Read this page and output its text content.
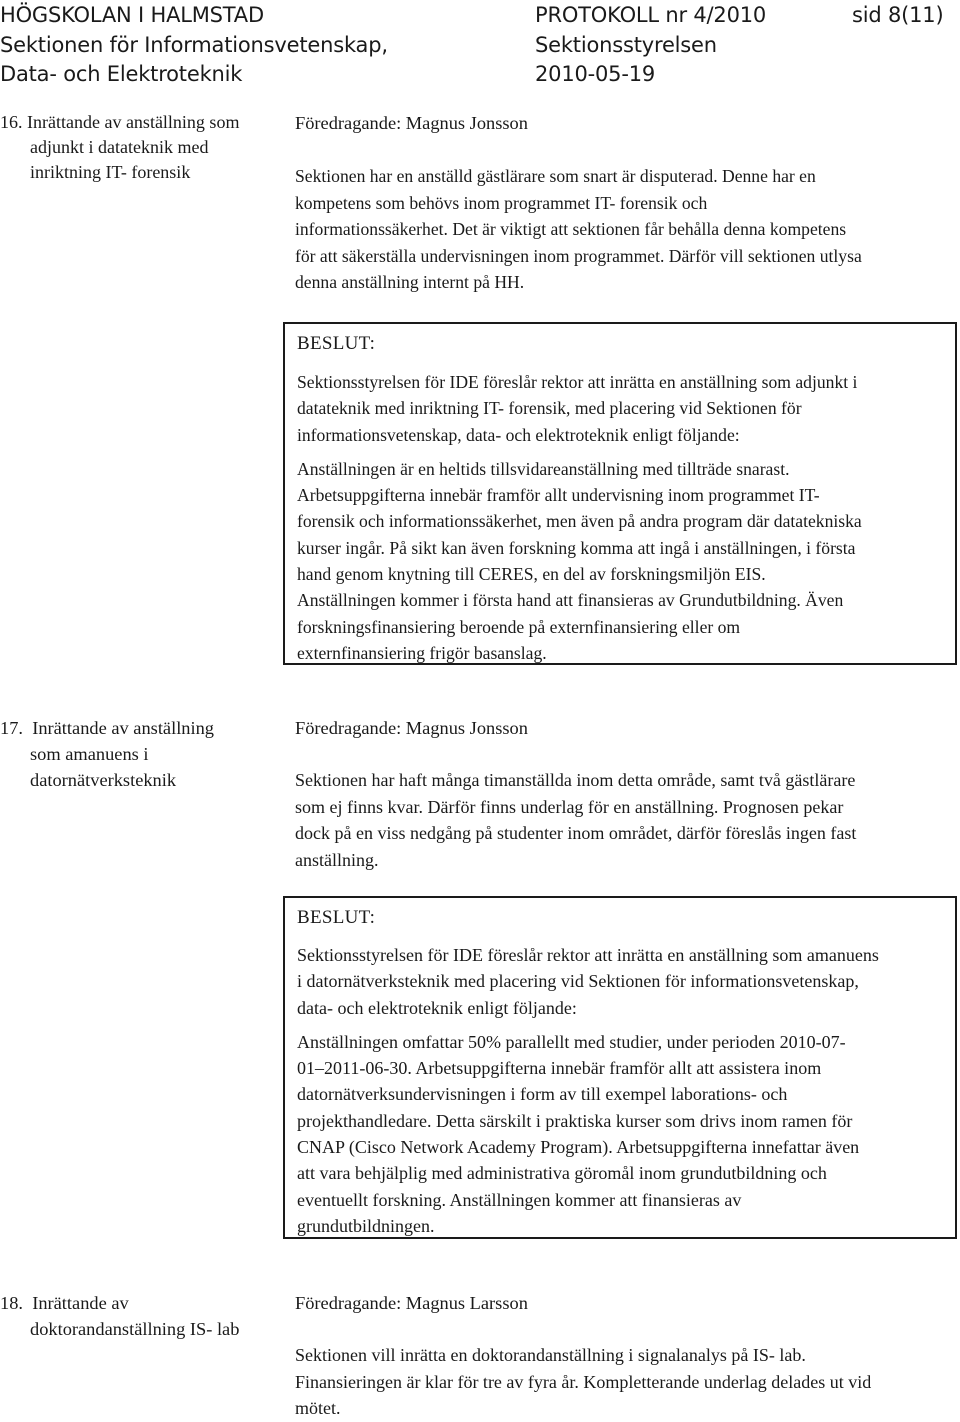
HÖGSKOLAN I HALMSTAD
Sektionen för Informationsvetenskap,
Data- och Elektroteknik
PROTOKOLL nr 4/2010
Sektionsstyrelsen
2010-05-19
sid 8(11)
16. Inrättande av anställning som
adjunkt i datateknik med
inriktning IT- forensik
Föredragande: Magnus Jonsson

Sektionen har en anställd gästlärare som snart är disputerad. Denne har en

kompetens som behövs inom programmet IT- forensik och

informationssäkerhet. Det är viktigt att sektionen får behålla denna kompetens

för att säkerställa undervisningen inom programmet. Därför vill sektionen utlysa

denna anställning internt på HH.

BESLUT:

Sektionsstyrelsen för IDE föreslår rektor att inrätta en anställning som adjunkt i

datateknik med inriktning IT- forensik, med placering vid Sektionen för

informationsvetenskap, data- och elektroteknik enligt följande:

Anställningen är en heltids tillsvidareanställning med tillträde snarast.

Arbetsuppgifterna innebär framför allt undervisning inom programmet IT-

forensik och informationssäkerhet, men även på andra program där datatekniska

kurser ingår. På sikt kan även forskning komma att ingå i anställningen, i första

hand genom knytning till CERES, en del av forskningsmiljön EIS.

Anställningen kommer i första hand att finansieras av Grundutbildning. Även

forskningsfinansiering beroende på externfinansiering eller om

externfinansiering frigör basanslag.

17. Inrättande av anställning
som amanuens i
datornätverksteknik
Föredragande: Magnus Jonsson

Sektionen har haft många timanställda inom detta område, samt två gästlärare

som ej finns kvar. Därför finns underlag för en anställning. Prognosen pekar

dock på en viss nedgång på studenter inom området, därför föreslås ingen fast

anställning.

BESLUT:

Sektionsstyrelsen för IDE föreslår rektor att inrätta en anställning som amanuens

i datornätverksteknik med placering vid Sektionen för informationsvetenskap,

data- och elektroteknik enligt följande:

Anställningen omfattar 50% parallellt med studier, under perioden 2010-07-

01–2011-06-30. Arbetsuppgifterna innebär framför allt att assistera inom

datornätverksundervisningen i form av till exempel laborations- och

projekthandledare. Detta särskilt i praktiska kurser som drivs inom ramen för

CNAP (Cisco Network Academy Program). Arbetsuppgifterna innefattar även

att vara behjälplig med administrativa göromål inom grundutbildning och

eventuellt forskning. Anställningen kommer att finansieras av

grundutbildningen.

18. Inrättande av
doktorandanställning IS- lab
Föredragande: Magnus Larsson

Sektionen vill inrätta en doktorandanställning i signalanalys på IS- lab.

Finansieringen är klar för tre av fyra år. Kompletterande underlag delades ut vid

mötet.
